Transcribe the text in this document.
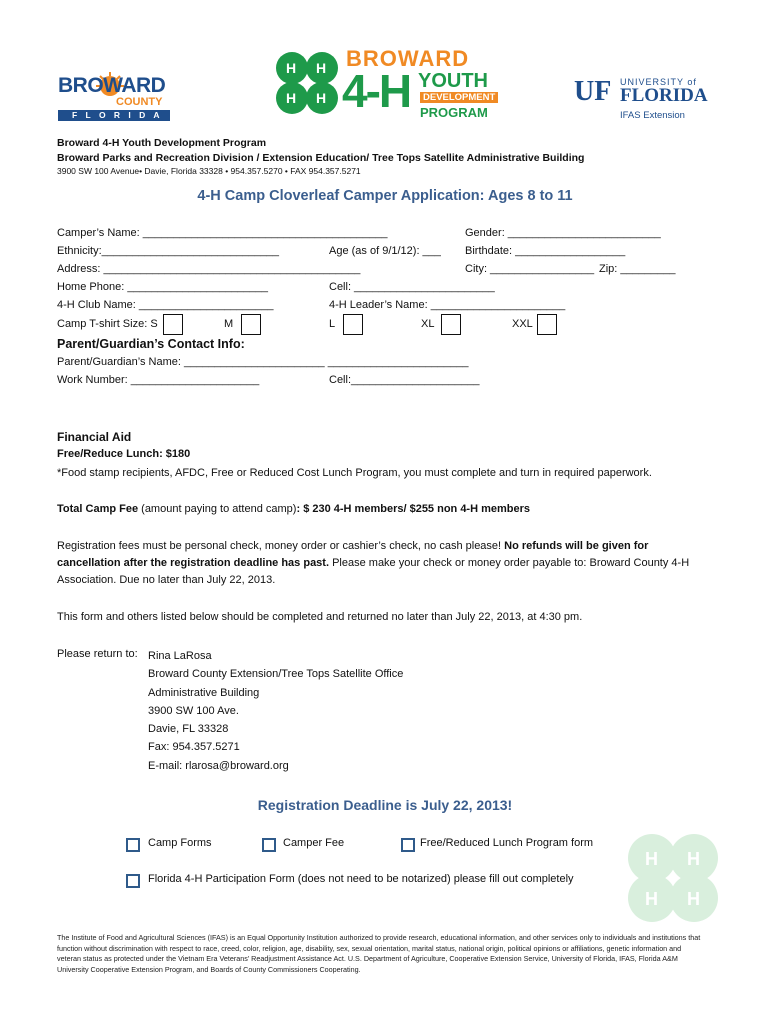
BROWARD
COUNTY
F L O R I D A
H H
H H
BROWARD
4-H YOUTH
DEVELOPMENT
PROGRAM
UF UNIVERSITY of
FLORIDA
IFAS Extension
Broward 4-H Youth Development Program
Broward Parks and Recreation Division / Extension Education/ Tree Tops Satellite Administrative Building
3900 SW 100 Avenue• Davie, Florida 33328 • 954.357.5270 • FAX 954.357.5271
4-H Camp Cloverleaf Camper Application: Ages 8 to 11
Camper’s Name: ________________________________________	Gender: _________________________
Ethnicity:_____________________________	Age (as of 9/1/12): ___ Birthdate: __________________
Address: __________________________________________	City: _________________ Zip: _________
Home Phone: _______________________	Cell: _______________________
4-H Club Name: ______________________	4-H Leader’s Name: ______________________
Camp T-shirt Size: S	M	L	XL	XXL
Parent/Guardian’s Contact Info:
Parent/Guardian’s Name: _______________________ _______________________
Work Number: _____________________	Cell:_____________________
Financial Aid
Free/Reduce Lunch: $180
*Food stamp recipients, AFDC, Free or Reduced Cost Lunch Program, you must complete and turn in required paperwork.
Total Camp Fee (amount paying to attend camp): $ 230 4-H members/ $255 non 4-H members
Registration fees must be personal check, money order or cashier’s check, no cash please! No refunds will be given for cancellation after the registration deadline has past. Please make your check or money order payable to: Broward County 4-H Association. Due no later than July 22, 2013.
This form and others listed below should be completed and returned no later than July 22, 2013, at 4:30 pm.
Please return to: Rina LaRosa
Broward County Extension/Tree Tops Satellite Office
Administrative Building
3900 SW 100 Ave.
Davie, FL 33328
Fax: 954.357.5271
E-mail: rlarosa@broward.org
Registration Deadline is July 22, 2013!
Camp Forms	Camper Fee	Free/Reduced Lunch Program form
Florida 4-H Participation Form (does not need to be notarized) please fill out completely
H H
H H
The Institute of Food and Agricultural Sciences (IFAS) is an Equal Opportunity Institution authorized to provide research, educational information, and other services only to individuals and institutions that function without discrimination with respect to race, creed, color, religion, age, disability, sex, sexual orientation, marital status, national origin, political opinions or affiliations, genetic information and veteran status as protected under the Vietnam Era Veterans’ Readjustment Assistance Act. U.S. Department of Agriculture, Cooperative Extension Service, University of Florida, IFAS, Florida A&M University Cooperative Extension Program, and Boards of County Commissioners Cooperating.
